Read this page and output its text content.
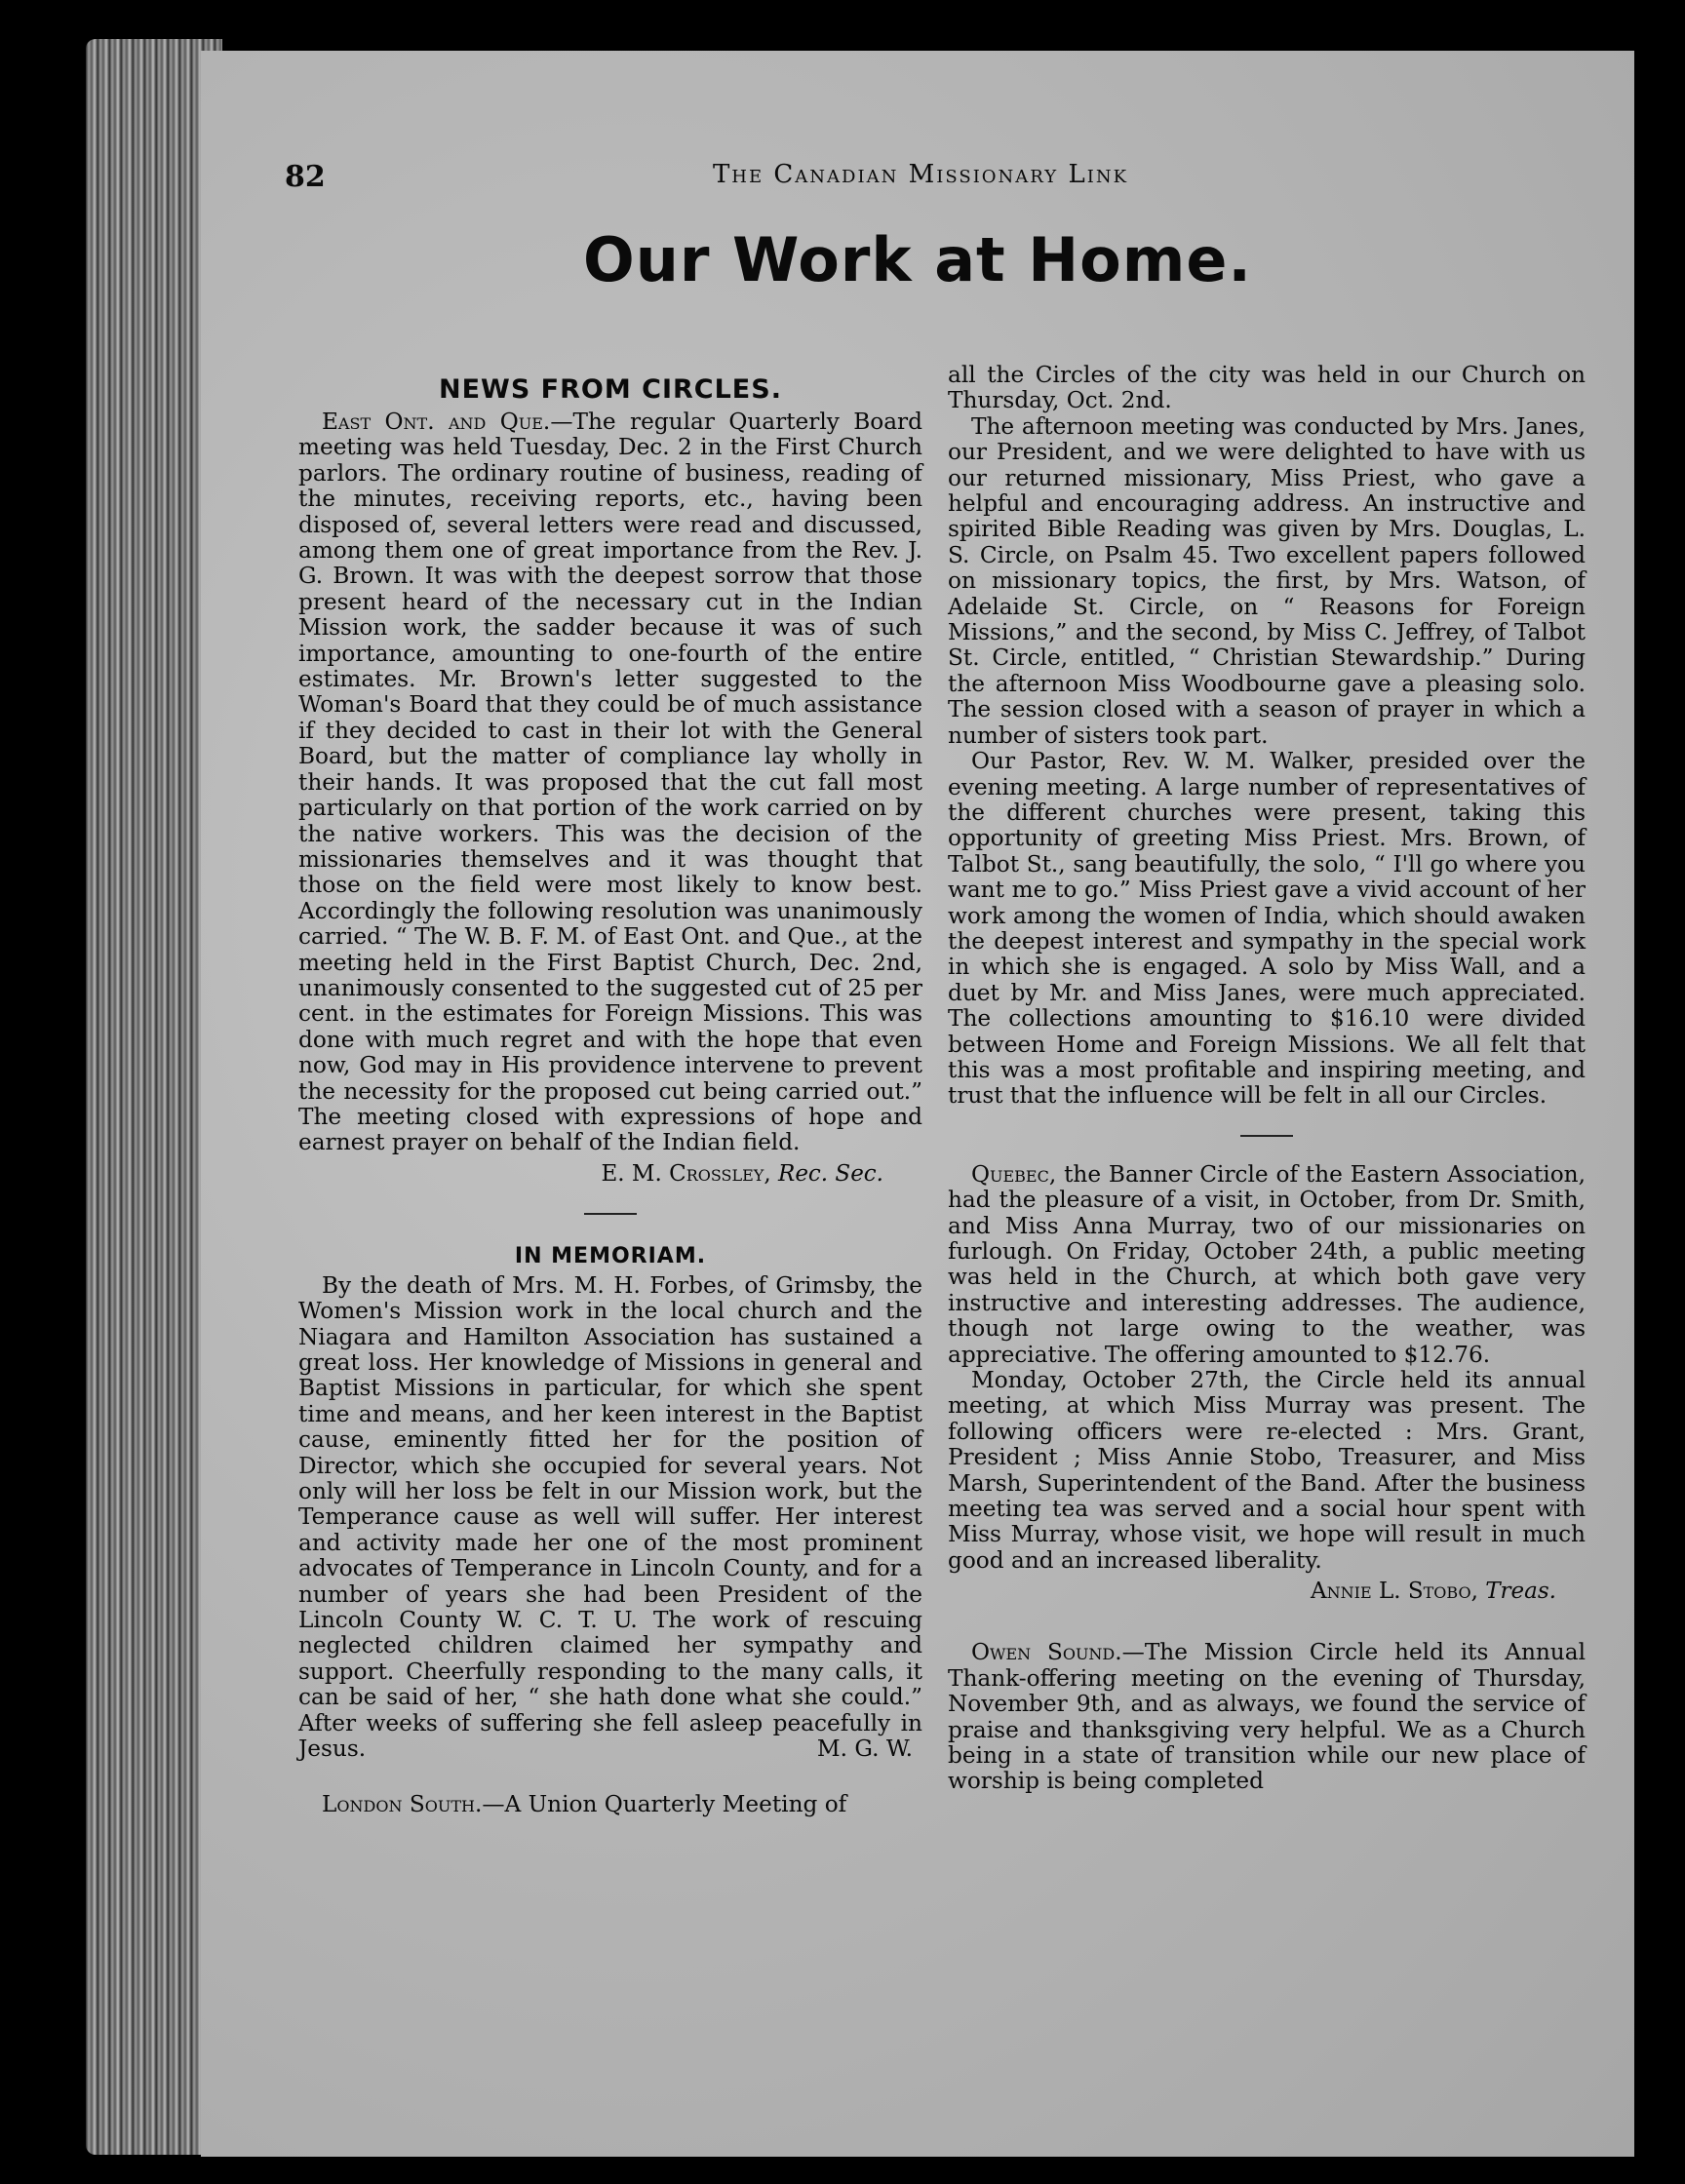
82	The Canadian Missionary Link
Our Work at Home.
NEWS FROM CIRCLES.

East Ont. and Que.—The regular Quarterly Board meeting was held Tuesday, Dec. 2 in the First Church parlors. The ordinary routine of business, reading of the minutes, receiving reports, etc., having been disposed of, several letters were read and discussed, among them one of great importance from the Rev. J. G. Brown. It was with the deepest sorrow that those present heard of the necessary cut in the Indian Mission work, the sadder because it was of such importance, amounting to one-fourth of the entire estimates. Mr. Brown's letter suggested to the Woman's Board that they could be of much assistance if they decided to cast in their lot with the General Board, but the matter of compliance lay wholly in their hands. It was proposed that the cut fall most particularly on that portion of the work carried on by the native workers. This was the decision of the missionaries themselves and it was thought that those on the field were most likely to know best. Accordingly the following resolution was unanimously carried. “ The W. B. F. M. of East Ont. and Que., at the meeting held in the First Baptist Church, Dec. 2nd, unanimously consented to the suggested cut of 25 per cent. in the estimates for Foreign Missions. This was done with much regret and with the hope that even now, God may in His providence intervene to prevent the necessity for the proposed cut being carried out.” The meeting closed with expressions of hope and earnest prayer on behalf of the Indian field.

E. M. Crossley, Rec. Sec.
IN MEMORIAM.

By the death of Mrs. M. H. Forbes, of Grimsby, the Women's Mission work in the local church and the Niagara and Hamilton Association has sustained a great loss. Her knowledge of Missions in general and Baptist Missions in particular, for which she spent time and means, and her keen interest in the Baptist cause, eminently fitted her for the position of Director, which she occupied for several years. Not only will her loss be felt in our Mission work, but the Temperance cause as well will suffer. Her interest and activity made her one of the most prominent advocates of Temperance in Lincoln County, and for a number of years she had been President of the Lincoln County W. C. T. U. The work of rescuing neglected children claimed her sympathy and support. Cheerfully responding to the many calls, it can be said of her, “ she hath done what she could.” After weeks of suffering she fell asleep peacefully in Jesus.	M. G. W.

London South.—A Union Quarterly Meeting of

all the Circles of the city was held in our Church on Thursday, Oct. 2nd.

The afternoon meeting was conducted by Mrs. Janes, our President, and we were delighted to have with us our returned missionary, Miss Priest, who gave a helpful and encouraging address. An instructive and spirited Bible Reading was given by Mrs. Douglas, L. S. Circle, on Psalm 45. Two excellent papers followed on missionary topics, the first, by Mrs. Watson, of Adelaide St. Circle, on “ Reasons for Foreign Missions,” and the second, by Miss C. Jeffrey, of Talbot St. Circle, entitled, “ Christian Stewardship.” During the afternoon Miss Woodbourne gave a pleasing solo. The session closed with a season of prayer in which a number of sisters took part.

Our Pastor, Rev. W. M. Walker, presided over the evening meeting. A large number of representatives of the different churches were present, taking this opportunity of greeting Miss Priest. Mrs. Brown, of Talbot St., sang beautifully, the solo, “ I'll go where you want me to go.” Miss Priest gave a vivid account of her work among the women of India, which should awaken the deepest interest and sympathy in the special work in which she is engaged. A solo by Miss Wall, and a duet by Mr. and Miss Janes, were much appreciated. The collections amounting to $16.10 were divided between Home and Foreign Missions. We all felt that this was a most profitable and inspiring meeting, and trust that the influence will be felt in all our Circles.

Quebec, the Banner Circle of the Eastern Association, had the pleasure of a visit, in October, from Dr. Smith, and Miss Anna Murray, two of our missionaries on furlough. On Friday, October 24th, a public meeting was held in the Church, at which both gave very instructive and interesting addresses. The audience, though not large owing to the weather, was appreciative. The offering amounted to $12.76.

Monday, October 27th, the Circle held its annual meeting, at which Miss Murray was present. The following officers were re-elected : Mrs. Grant, President ; Miss Annie Stobo, Treasurer, and Miss Marsh, Superintendent of the Band. After the business meeting tea was served and a social hour spent with Miss Murray, whose visit, we hope will result in much good and an increased liberality.

Annie L. Stobo, Treas.

Owen Sound.—The Mission Circle held its Annual Thank-offering meeting on the evening of Thursday, November 9th, and as always, we found the service of praise and thanksgiving very helpful. We as a Church being in a state of transition while our new place of worship is being completed
